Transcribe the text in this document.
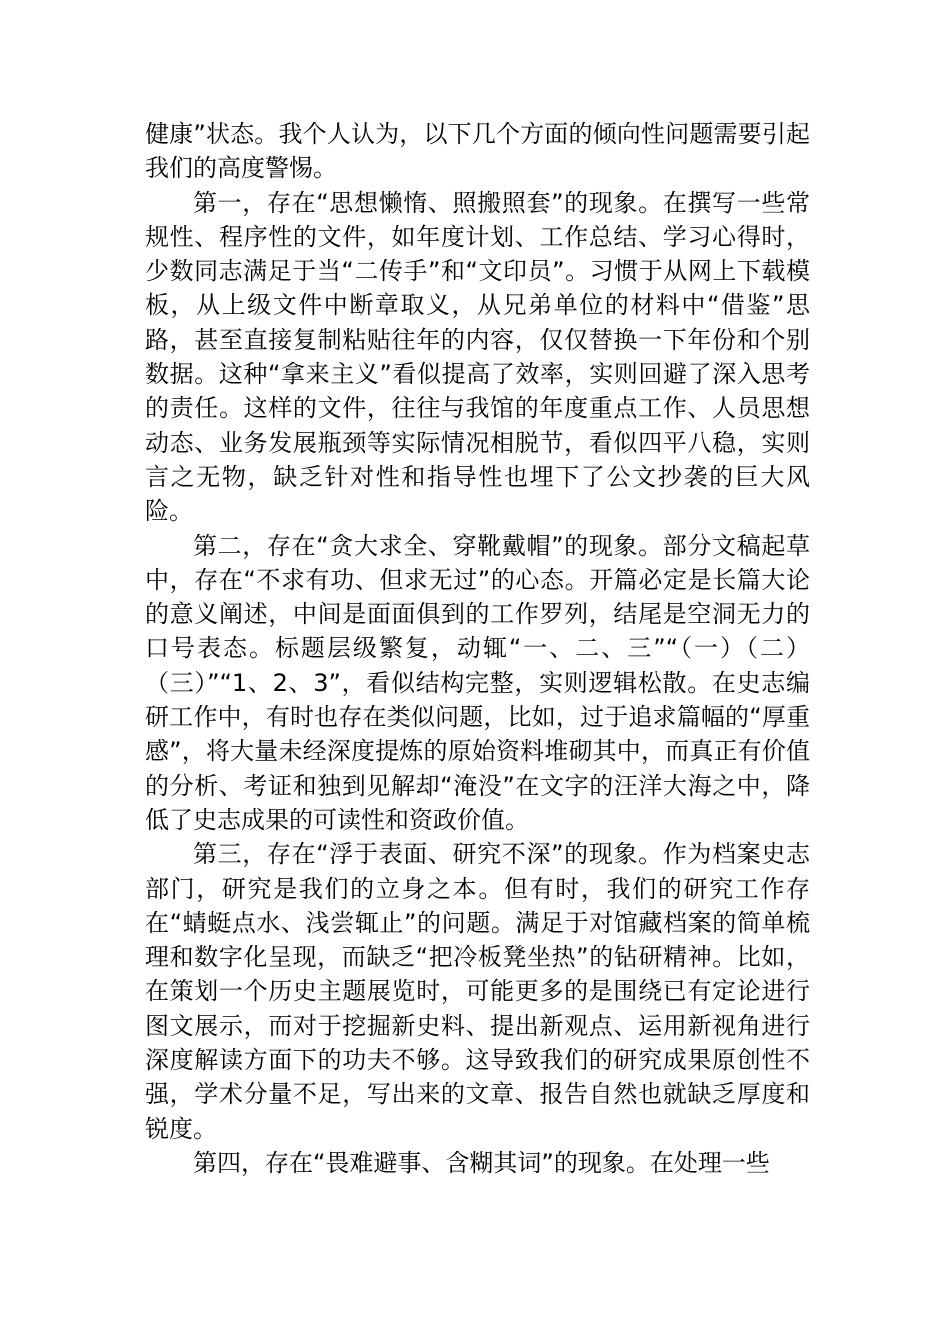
健康”状态。我个人认为，以下几个方面的倾向性问题需要引起我们的高度警惕。

第一，存在“思想懒惰、照搬照套”的现象。在撰写一些常规性、程序性的文件，如年度计划、工作总结、学习心得时，少数同志满足于当“二传手”和“文印员”。习惯于从网上下载模板，从上级文件中断章取义，从兄弟单位的材料中“借鉴”思路，甚至直接复制粘贴往年的内容，仅仅替换一下年份和个别数据。这种“拿来主义”看似提高了效率，实则回避了深入思考的责任。这样的文件，往往与我馆的年度重点工作、人员思想动态、业务发展瓶颈等实际情况相脱节，看似四平八稳，实则言之无物，缺乏针对性和指导性也埋下了公文抄袭的巨大风险。

第二，存在“贪大求全、穿靴戴帽”的现象。部分文稿起草中，存在“不求有功、但求无过”的心态。开篇必定是长篇大论的意义阐述，中间是面面俱到的工作罗列，结尾是空洞无力的口号表态。标题层级繁复，动辄“一、二、三”“（一）（二）（三）”“1、2、3”，看似结构完整，实则逻辑松散。在史志编研工作中，有时也存在类似问题，比如，过于追求篇幅的“厚重感”，将大量未经深度提炼的原始资料堆砌其中，而真正有价值的分析、考证和独到见解却“淹没”在文字的汪洋大海之中，降低了史志成果的可读性和资政价值。

第三，存在“浮于表面、研究不深”的现象。作为档案史志部门，研究是我们的立身之本。但有时，我们的研究工作存在“蜻蜓点水、浅尝辄止”的问题。满足于对馆藏档案的简单梳理和数字化呈现，而缺乏“把冷板凳坐热”的钻研精神。比如，在策划一个历史主题展览时，可能更多的是围绕已有定论进行图文展示，而对于挖掘新史料、提出新观点、运用新视角进行深度解读方面下的功夫不够。这导致我们的研究成果原创性不强，学术分量不足，写出来的文章、报告自然也就缺乏厚度和锐度。

第四，存在“畏难避事、含糊其词”的现象。在处理一些
